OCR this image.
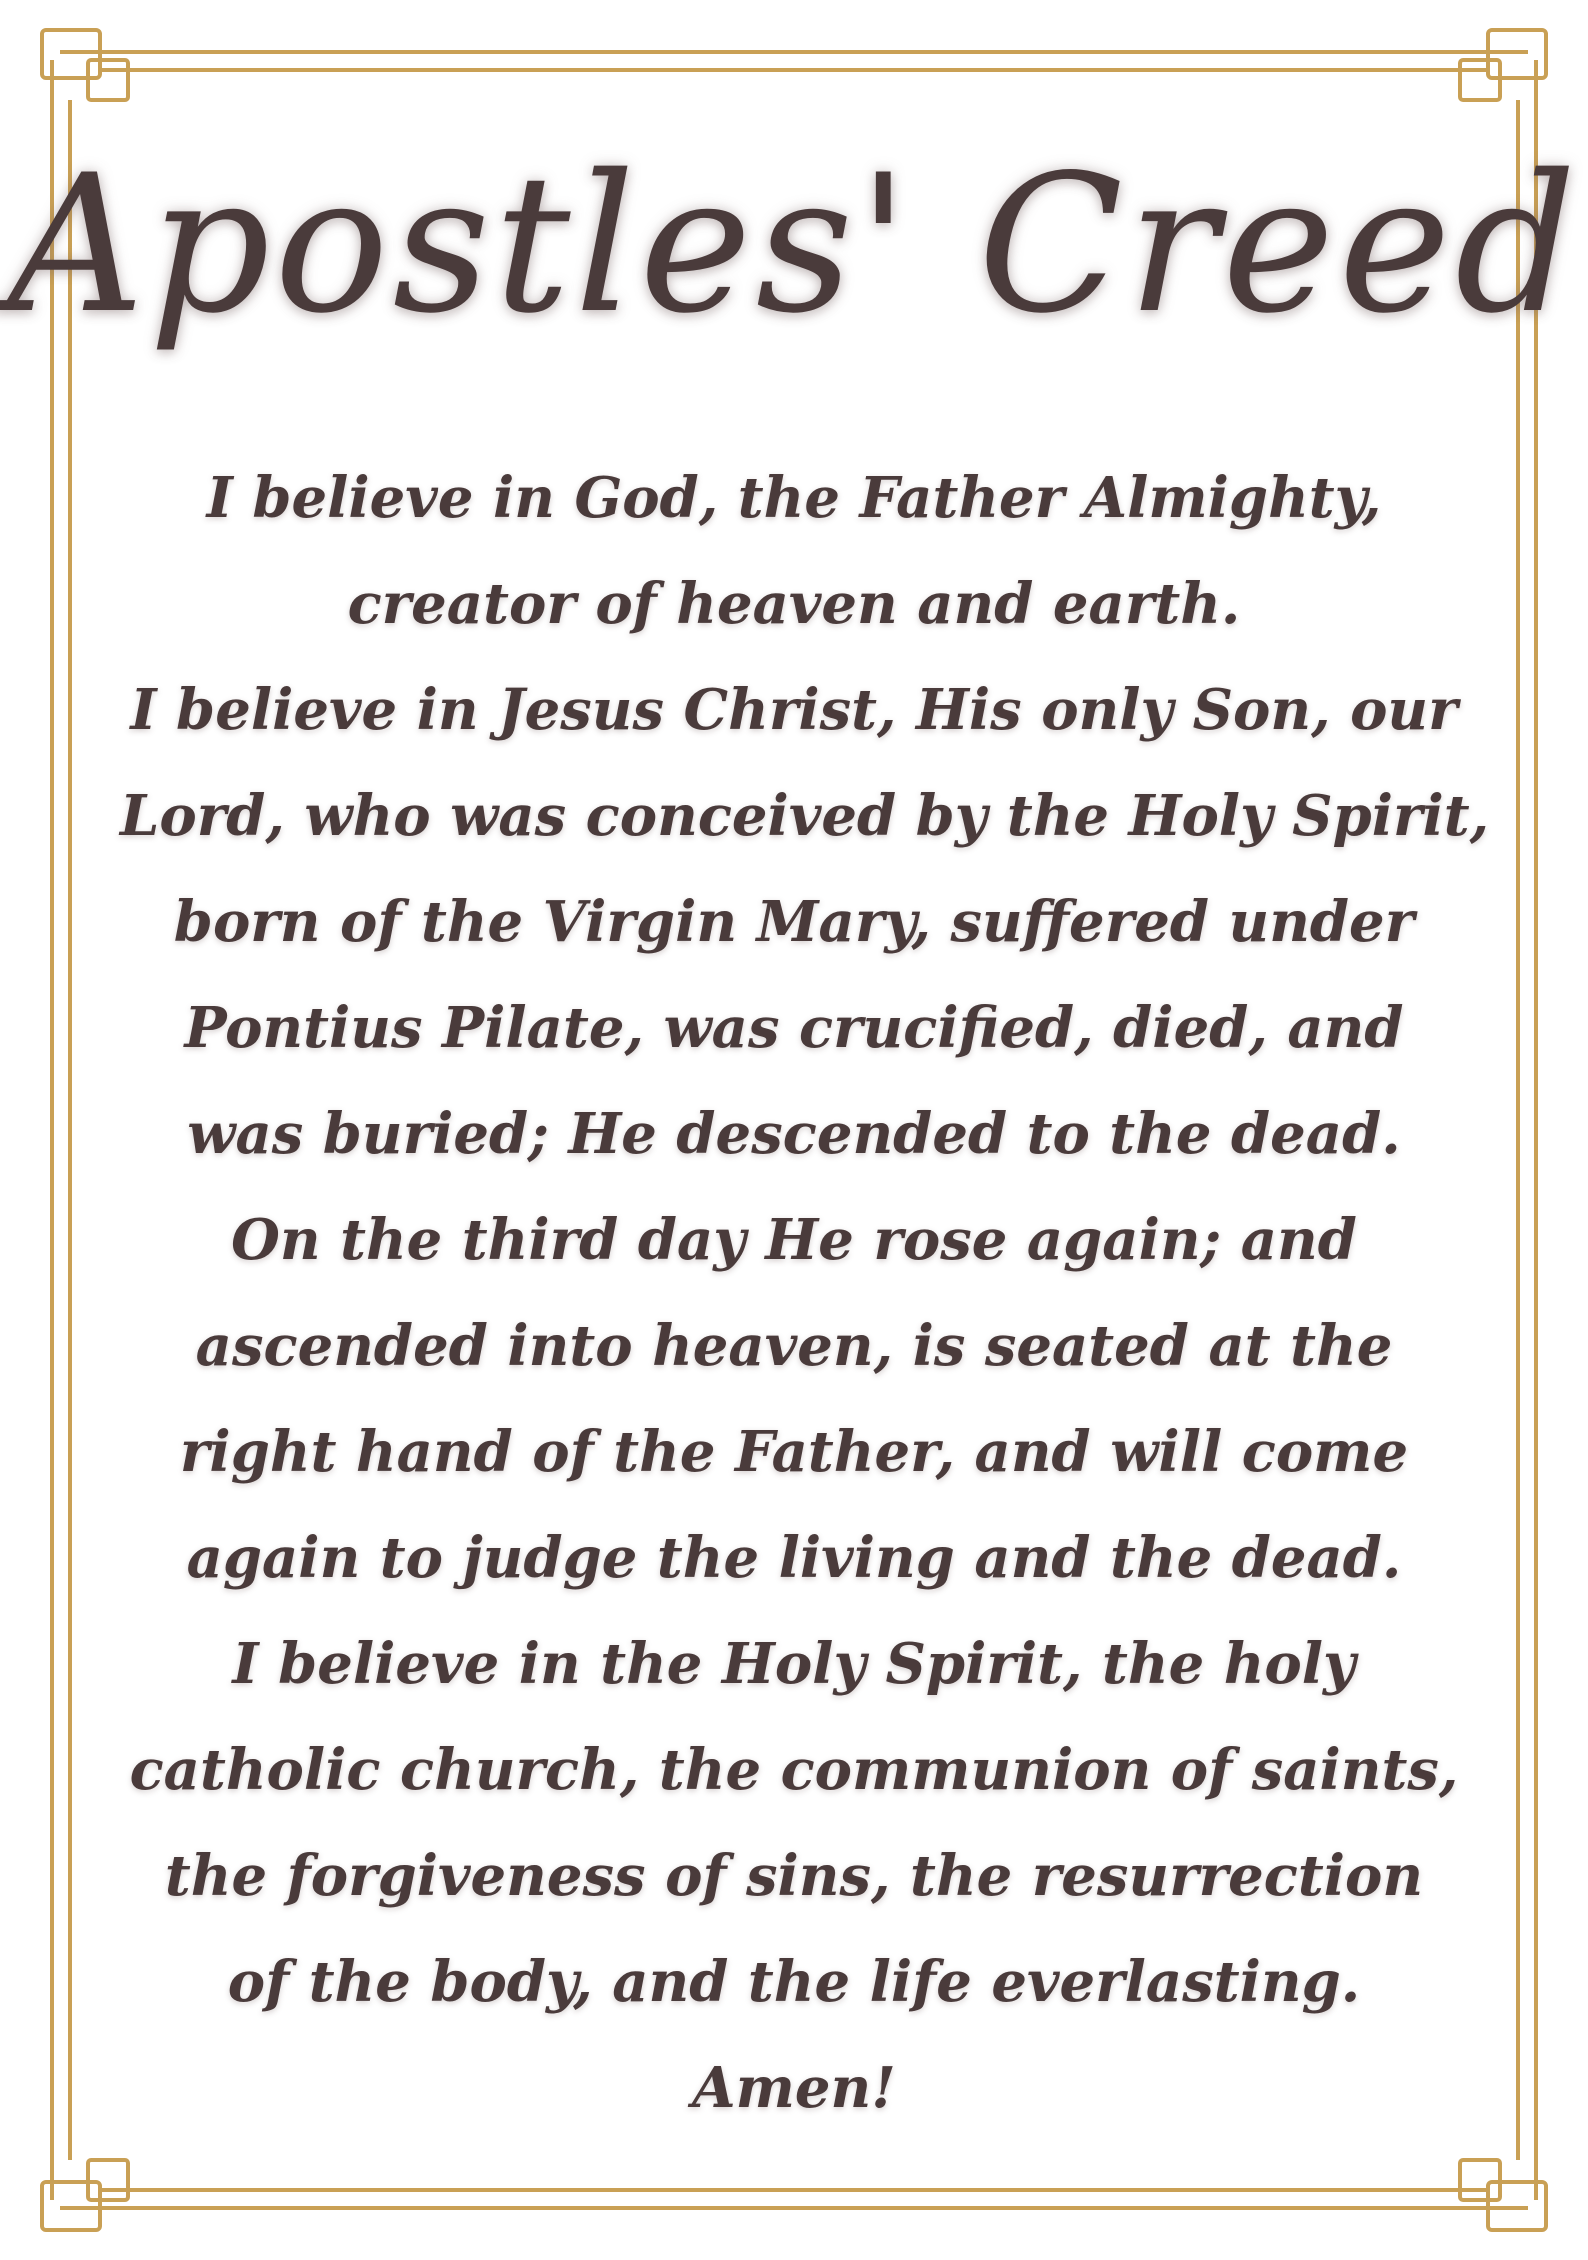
Apostles' Creed
I believe in God, the Father Almighty,
creator of heaven and earth.
I believe in Jesus Christ, His only Son, our
Lord, who was conceived by the Holy Spirit,
born of the Virgin Mary, suffered under
Pontius Pilate, was crucified, died, and
was buried; He descended to the dead.
On the third day He rose again; and
ascended into heaven, is seated at the
right hand of the Father, and will come
again to judge the living and the dead.
I believe in the Holy Spirit, the holy
catholic church, the communion of saints,
the forgiveness of sins, the resurrection
of the body, and the life everlasting.
Amen!
